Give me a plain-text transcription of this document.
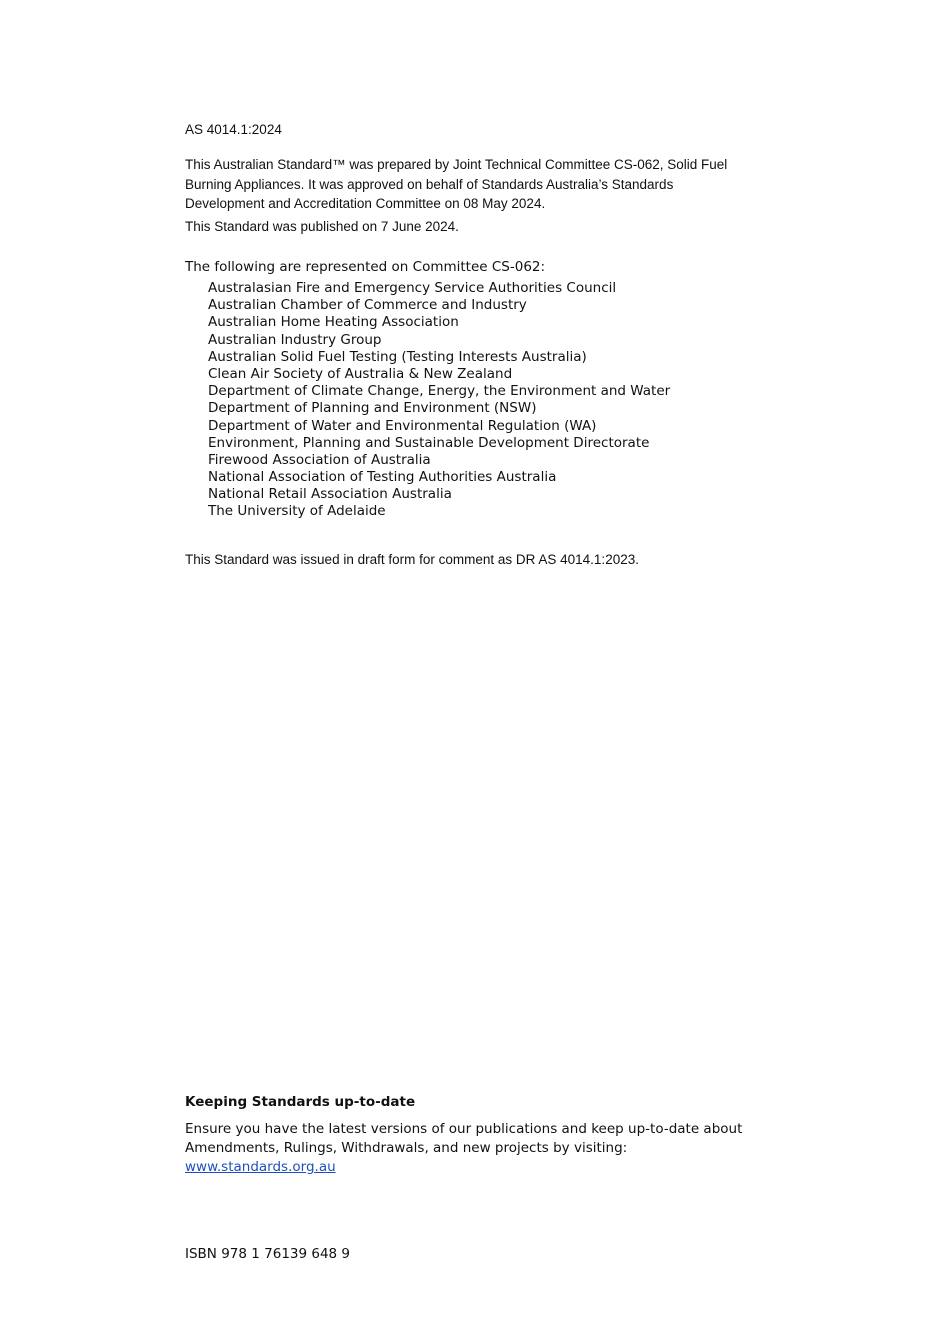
AS 4014.1:2024
This Australian Standard™ was prepared by Joint Technical Committee CS-062, Solid Fuel Burning Appliances. It was approved on behalf of Standards Australia’s Standards Development and Accreditation Committee on 08 May 2024.
This Standard was published on 7 June 2024.
The following are represented on Committee CS-062:
Australasian Fire and Emergency Service Authorities Council
Australian Chamber of Commerce and Industry
Australian Home Heating Association
Australian Industry Group
Australian Solid Fuel Testing (Testing Interests Australia)
Clean Air Society of Australia & New Zealand
Department of Climate Change, Energy, the Environment and Water
Department of Planning and Environment (NSW)
Department of Water and Environmental Regulation (WA)
Environment, Planning and Sustainable Development Directorate
Firewood Association of Australia
National Association of Testing Authorities Australia
National Retail Association Australia
The University of Adelaide
This Standard was issued in draft form for comment as DR AS 4014.1:2023.
Keeping Standards up-to-date
Ensure you have the latest versions of our publications and keep up-to-date about Amendments, Rulings, Withdrawals, and new projects by visiting:
www.standards.org.au
ISBN 978 1 76139 648 9
